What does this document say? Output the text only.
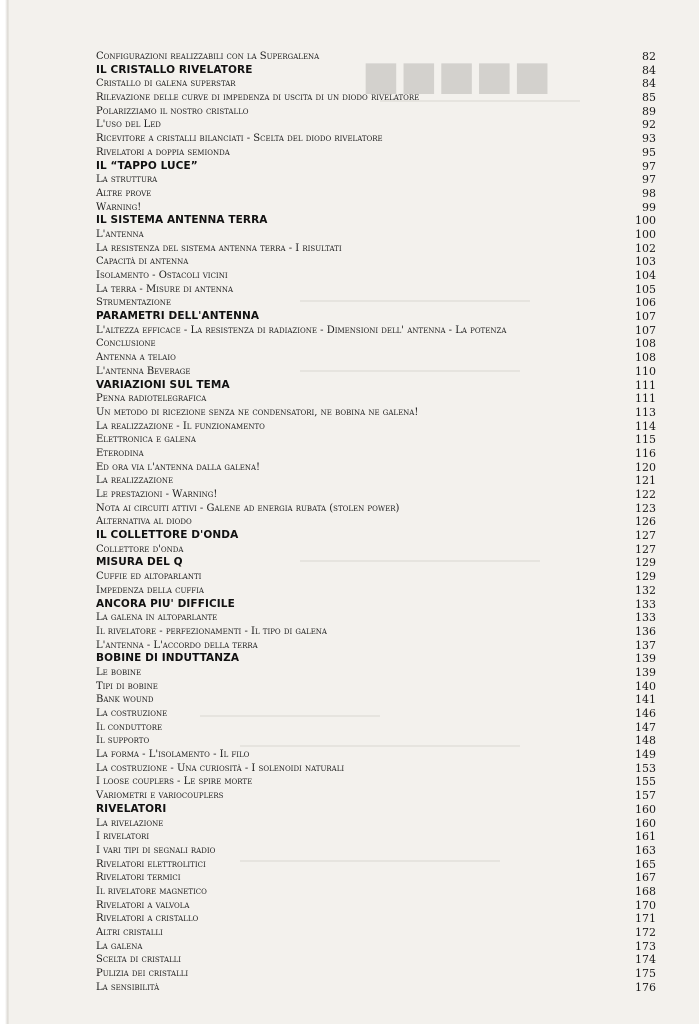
■■■■■
Configurazioni realizzabili con la Supergalena	82
IL CRISTALLO RIVELATORE	84
Cristallo di galena superstar	84
Rilevazione delle curve di impedenza di uscita di un diodo rivelatore	85
Polarizziamo il nostro cristallo	89
L'uso del Led	92
Ricevitore a cristalli bilanciati - Scelta del diodo rivelatore	93
Rivelatori a doppia semionda	95
IL “TAPPO LUCE”	97
La struttura	97
Altre prove	98
Warning!	99
IL SISTEMA ANTENNA TERRA	100
L'antenna	100
La resistenza del sistema antenna terra - I risultati	102
Capacità di antenna	103
Isolamento - Ostacoli vicini	104
La terra - Misure di antenna	105
Strumentazione	106
PARAMETRI DELL'ANTENNA	107
L'altezza efficace - La resistenza di radiazione - Dimensioni dell' antenna - La potenza	107
Conclusione	108
Antenna a telaio	108
L'antenna Beverage	110
VARIAZIONI SUL TEMA	111
Penna radiotelegrafica	111
Un metodo di ricezione senza ne condensatori, ne bobina ne galena!	113
La realizzazione - Il funzionamento	114
Elettronica e galena	115
Eterodina	116
Ed ora via l'antenna dalla galena!	120
La realizzazione	121
Le prestazioni - Warning!	122
Nota ai circuiti attivi - Galene ad energia rubata (stolen power)	123
Alternativa al diodo	126
IL COLLETTORE D'ONDA	127
Collettore d'onda	127
MISURA DEL Q	129
Cuffie ed altoparlanti	129
Impedenza della cuffia	132
ANCORA PIU' DIFFICILE	133
La galena in altoparlante	133
Il rivelatore - perfezionamenti - Il tipo di galena	136
L'antenna - L'accordo della terra	137
BOBINE DI INDUTTANZA	139
Le bobine	139
Tipi di bobine	140
Bank wound	141
La costruzione	146
Il conduttore	147
Il supporto	148
La forma - L'isolamento - Il filo	149
La costruzione - Una curiosità - I solenoidi naturali	153
I loose couplers - Le spire morte	155
Variometri e variocouplers	157
RIVELATORI	160
La rivelazione	160
I rivelatori	161
I vari tipi di segnali radio	163
Rivelatori elettrolitici	165
Rivelatori termici	167
Il rivelatore magnetico	168
Rivelatori a valvola	170
Rivelatori a cristallo	171
Altri cristalli	172
La galena	173
Scelta di cristalli	174
Pulizia dei cristalli	175
La sensibilità	176
